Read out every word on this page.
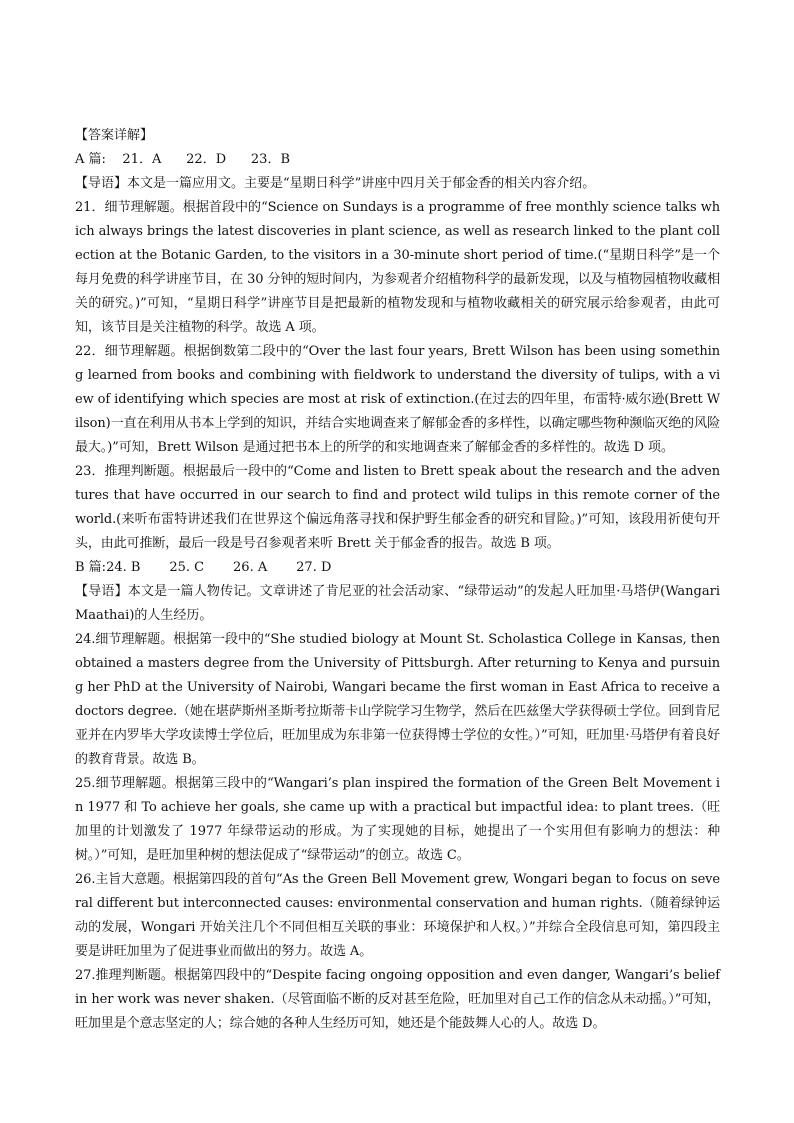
【答案详解】

A 篇:    21．A      22．D      23．B

【导语】本文是一篇应用文。主要是“星期日科学”讲座中四月关于郁金香的相关内容介绍。

21．细节理解题。根据首段中的“Science on Sundays is a programme of free monthly science talks which always brings the latest discoveries in plant science, as well as research linked to the plant collection at the Botanic Garden, to the visitors in a 30-minute short period of time.(“星期日科学”是一个每月免费的科学讲座节目，在 30 分钟的短时间内，为参观者介绍植物科学的最新发现，以及与植物园植物收藏相关的研究。)”可知，“星期日科学”讲座节目是把最新的植物发现和与植物收藏相关的研究展示给参观者，由此可知，该节目是关注植物的科学。故选 A 项。

22．细节理解题。根据倒数第二段中的“Over the last four years, Brett Wilson has been using something learned from books and combining with fieldwork to understand the diversity of tulips, with a view of identifying which species are most at risk of extinction.(在过去的四年里，布雷特·威尔逊(Brett Wilson)一直在利用从书本上学到的知识，并结合实地调查来了解郁金香的多样性，以确定哪些物种濒临灭绝的风险最大。)”可知，Brett Wilson 是通过把书本上的所学的和实地调查来了解郁金香的多样性的。故选 D 项。

23．推理判断题。根据最后一段中的“Come and listen to Brett speak about the research and the adventures that have occurred in our search to find and protect wild tulips in this remote corner of the world.(来听布雷特讲述我们在世界这个偏远角落寻找和保护野生郁金香的研究和冒险。)”可知，该段用祈使句开头，由此可推断，最后一段是号召参观者来听 Brett 关于郁金香的报告。故选 B 项。

B 篇:24. B       25. C       26. A       27. D

【导语】本文是一篇人物传记。文章讲述了肯尼亚的社会活动家、“绿带运动”的发起人旺加里·马塔伊(Wangari Maathai)的人生经历。

24.细节理解题。根据第一段中的“She studied biology at Mount St. Scholastica College in Kansas, then obtained a masters degree from the University of Pittsburgh. After returning to Kenya and pursuing her PhD at the University of Nairobi, Wangari became the first woman in East Africa to receive a doctors degree.（她在堪萨斯州圣斯考拉斯蒂卡山学院学习生物学，然后在匹兹堡大学获得硕士学位。回到肯尼亚并在内罗毕大学攻读博士学位后，旺加里成为东非第一位获得博士学位的女性。）”可知，旺加里·马塔伊有着良好的教育背景。故选 B。

25.细节理解题。根据第三段中的“Wangari’s plan inspired the formation of the Green Belt Movement in 1977 和 To achieve her goals, she came up with a practical but impactful idea: to plant trees.（旺加里的计划激发了 1977 年绿带运动的形成。为了实现她的目标，她提出了一个实用但有影响力的想法：种树。）”可知，是旺加里种树的想法促成了“绿带运动”的创立。故选 C。

26.主旨大意题。根据第四段的首句“As the Green Bell Movement grew, Wongari began to focus on several different but interconnected causes: environmental conservation and human rights.（随着绿钟运动的发展，Wongari 开始关注几个不同但相互关联的事业：环境保护和人权。）”并综合全段信息可知，第四段主要是讲旺加里为了促进事业而做出的努力。故选 A。

27.推理判断题。根据第四段中的“Despite facing ongoing opposition and even danger, Wangari’s belief in her work was never shaken.（尽管面临不断的反对甚至危险，旺加里对自己工作的信念从未动摇。）”可知，旺加里是个意志坚定的人；综合她的各种人生经历可知，她还是个能鼓舞人心的人。故选 D。
